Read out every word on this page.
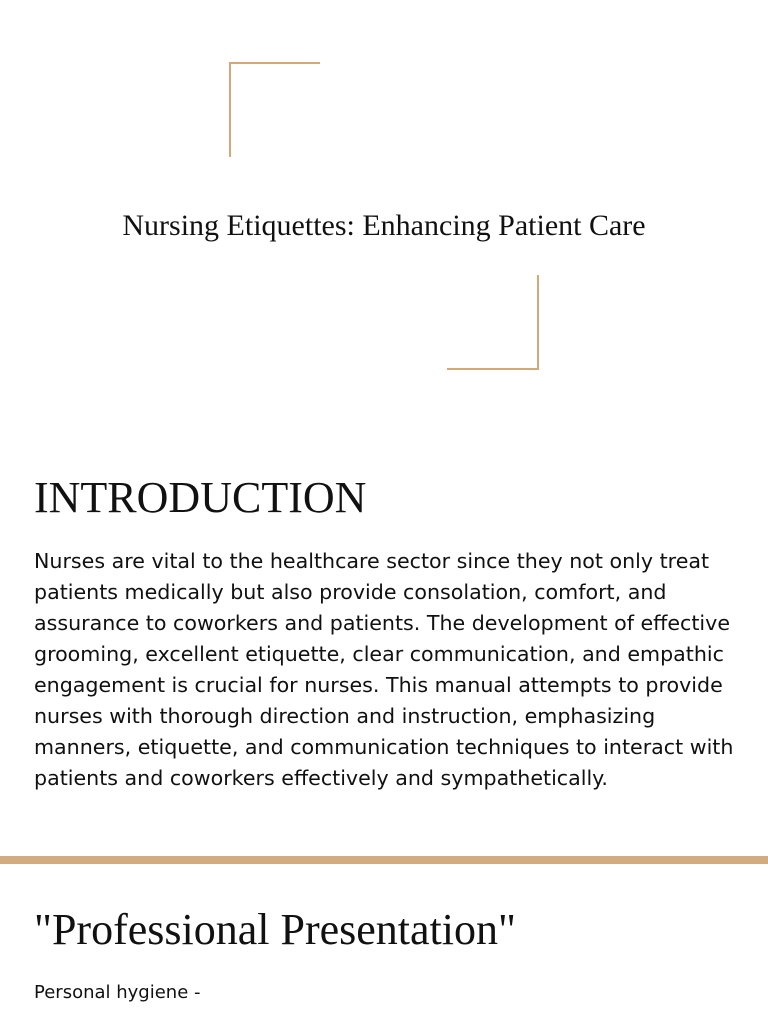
Nursing Etiquettes: Enhancing Patient Care
INTRODUCTION

Nurses are vital to the healthcare sector since they not only treat patients medically but also provide consolation, comfort, and assurance to coworkers and patients. The development of effective grooming, excellent etiquette, clear communication, and empathic engagement is crucial for nurses. This manual attempts to provide nurses with thorough direction and instruction, emphasizing manners, etiquette, and communication techniques to interact with patients and coworkers effectively and sympathetically.

"Professional Presentation"

Personal hygiene -
